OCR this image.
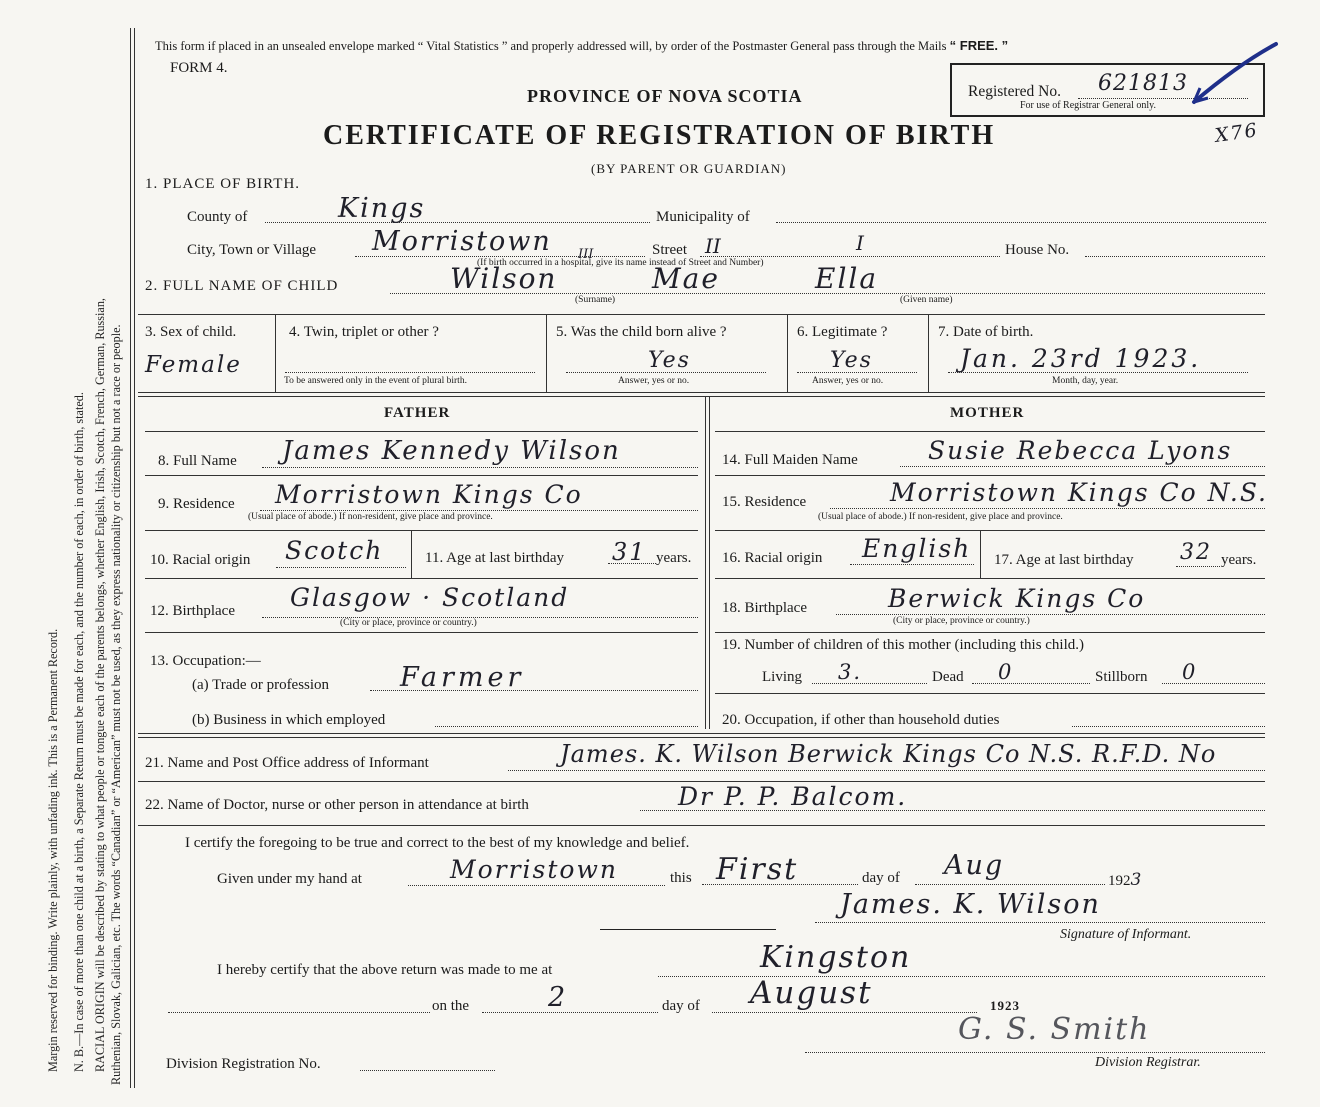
Margin reserved for binding. Write plainly, with unfading ink. This is a Permanent Record. N. B.—In case of more than one child at a birth, a Separate Return must be made for each, and the number of each, in order of birth, stated. RACIAL ORIGIN will be described by stating to what people or tongue each of the parents belongs, whether English, Irish, Scotch, French, German, Russian, Ruthenian, Slovak, Galician, etc. The words “Canadian” or “American” must not be used, as they express nationality or citizenship but not a race or people.
This form if placed in an unsealed envelope marked “ Vital Statistics ” and properly addressed will, by order of the Postmaster General pass through the Mails “ FREE. ”
FORM 4.
PROVINCE OF NOVA SCOTIA
CERTIFICATE OF REGISTRATION OF BIRTH
(BY PARENT OR GUARDIAN)
Registered No. 621813
For use of Registrar General only.
X76
1. PLACE OF BIRTH.
County of	Kings	Municipality of
City, Town or Village Morristown III	Street II	I	House No.
(If birth occurred in a hospital, give its name instead of Street and Number)
2. FULL NAME OF CHILD	Wilson	Mae	Ella
(Surname)	(Given name)
3. Sex of child.
Female
4. Twin, triplet or other ?
To be answered only in the event of plural birth.
5. Was the child born alive ?
Yes
Answer, yes or no.
6. Legitimate ?
Yes
Answer, yes or no.
7. Date of birth.
Jan. 23rd 1923.
Month, day, year.
FATHER	MOTHER
8. Full Name James Kennedy Wilson
9. Residence Morristown Kings Co
(Usual place of abode.) If non-resident, give place and province.
10. Racial origin Scotch	11. Age at last birthday 31 years.
12. Birthplace Glasgow · Scotland
(City or place, province or country.)
13. Occupation:—
(a) Trade or profession	Farmer
(b) Business in which employed
14. Full Maiden Name	Susie Rebecca Lyons
15. Residence	Morristown Kings Co N.S.
(Usual place of abode.) If non-resident, give place and province.
16. Racial origin English 17. Age at last birthday 32 years.
18. Birthplace	Berwick Kings Co
(City or place, province or country.)
19. Number of children of this mother (including this child.)
Living 3.	Dead 0	Stillborn 0
20. Occupation, if other than household duties
21. Name and Post Office address of Informant	James. K. Wilson Berwick Kings Co N.S. R.F.D. No
22. Name of Doctor, nurse or other person in attendance at birth	Dr P. P. Balcom.
I certify the foregoing to be true and correct to the best of my knowledge and belief.
Given under my hand at	Morristown	this First	day of Aug	1923
James. K. Wilson
Signature of Informant.
I hereby certify that the above return was made to me at	Kingston
on the	2	day of August	1923
G. S. Smith
Division Registration No.	Division Registrar.
